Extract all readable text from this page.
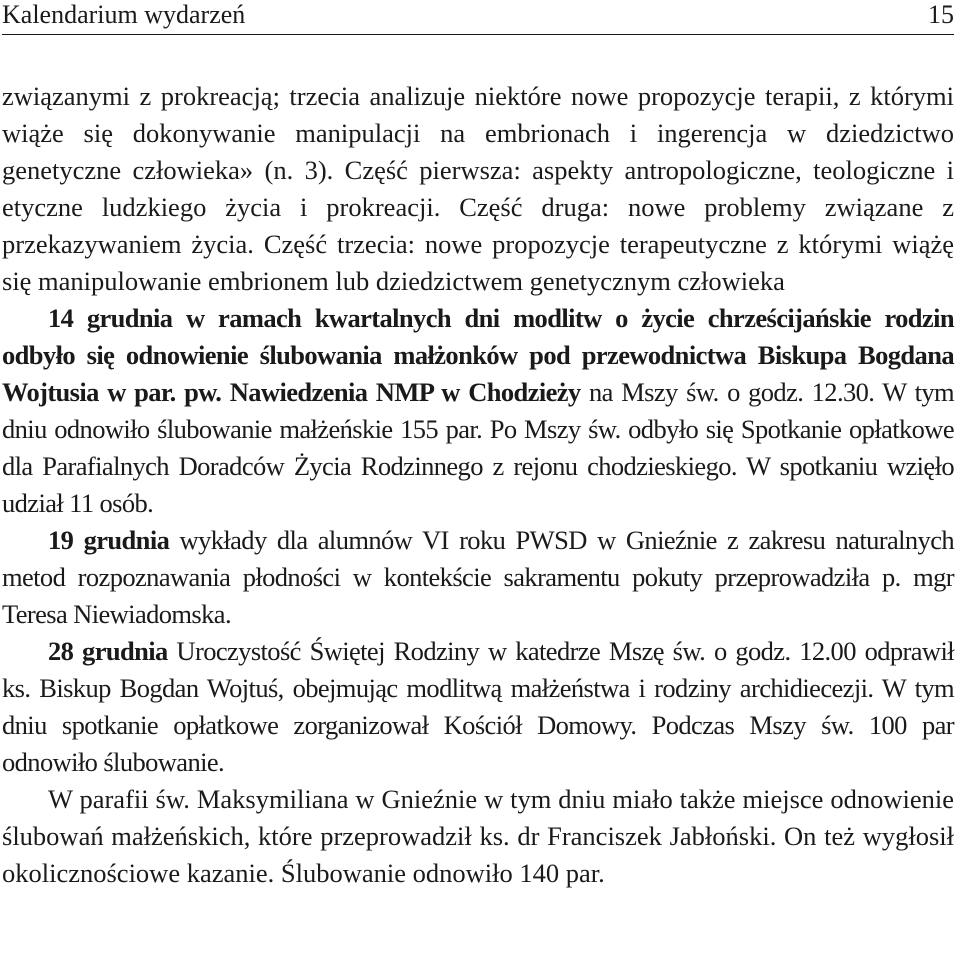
Kalendarium wydarzeń	15

związanymi z prokreacją; trzecia analizuje niektóre nowe propozycje terapii, z którymi wiąże się dokonywanie manipulacji na embrionach i ingerencja w dziedzictwo genetyczne człowieka» (n. 3). Część pierwsza: aspekty antropologiczne, teologiczne i etyczne ludzkiego życia i prokreacji. Część druga: nowe problemy związane z przekazywaniem życia. Część trzecia: nowe propozycje terapeutyczne z którymi wiążę się manipulowanie embrionem lub dziedzictwem genetycznym człowieka

14 grudnia w ramach kwartalnych dni modlitw o życie chrześcijańskie rodzin odbyło się odnowienie ślubowania małżonków pod przewodnictwa Biskupa Bogdana Wojtusia w par. pw. Nawiedzenia NMP w Chodzieży na Mszy św. o godz. 12.30. W tym dniu odnowiło ślubowanie małżeńskie 155 par. Po Mszy św. odbyło się Spotkanie opłatkowe dla Parafialnych Doradców Życia Rodzinnego z rejonu chodzieskiego. W spotkaniu wzięło udział 11 osób.

19 grudnia wykłady dla alumnów VI roku PWSD w Gnieźnie z zakresu naturalnych metod rozpoznawania płodności w kontekście sakramentu pokuty przeprowadziła p. mgr Teresa Niewiadomska.

28 grudnia Uroczystość Świętej Rodziny w katedrze Mszę św. o godz. 12.00 odprawił ks. Biskup Bogdan Wojtuś, obejmując modlitwą małżeństwa i rodziny archidiecezji. W tym dniu spotkanie opłatkowe zorganizował Kościół Domowy. Podczas Mszy św. 100 par odnowiło ślubowanie.

W parafii św. Maksymiliana w Gnieźnie w tym dniu miało także miejsce odnowienie ślubowań małżeńskich, które przeprowadził ks. dr Franciszek Jabłoński. On też wygłosił okolicznościowe kazanie. Ślubowanie odnowiło 140 par.
